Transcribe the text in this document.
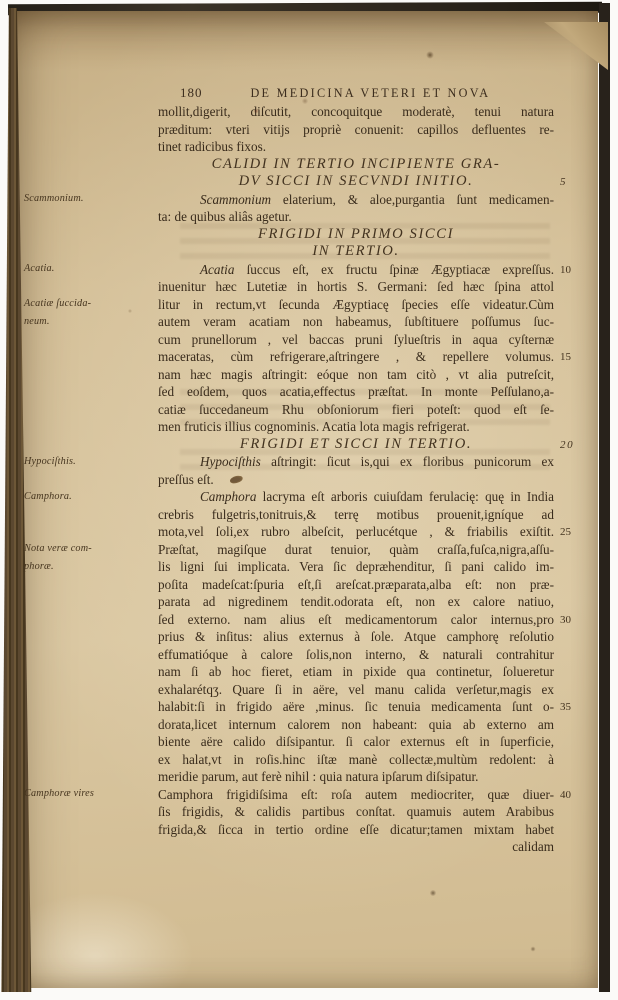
180	DE MEDICINA VETERI ET NOVA
mollit,digerit, diſcutit, concoquitque moderatè, tenui natura
præditum: vteri vitijs propriè conuenit: capillos defluentes re-
tinet radicibus fixos.
CALIDI IN TERTIO INCIPIENTE GRA-
DV SICCI IN SECVNDI INITIO.	5
Scammonium.	Scammonium elaterium, & aloe,purgantia ſunt medicamen-
ta: de quibus aliâs agetur.
FRIGIDI IN PRIMO SICCI
IN TERTIO.
Acatia.	Acatia ſuccus eſt, ex fructu ſpinæ Ægyptiacæ expreſſus. 10
inuenitur hæc Lutetiæ in hortis S. Germani: ſed hæc ſpina attol
Acatiæ ſuccida-	litur in rectum,vt ſecunda Ægyptiacę ſpecies eſſe videatur.Cùm
neum.	autem veram acatiam non habeamus, ſubſtituere poſſumus ſuc-
cum prunellorum , vel baccas pruni ſylueſtris in aqua cyſternæ
maceratas, cùm refrigerare,aſtringere , & repellere volumus. 15
nam hæc magis aſtringit: eóque non tam citò , vt alia putreſcit,
ſed eoſdem, quos acatia,effectus præſtat. In monte Peſſulano,a-
catiæ ſuccedaneum Rhu obſoniorum fieri poteſt: quod eſt ſe-
men fruticis illius cognominis. Acatia lota magis refrigerat.
FRIGIDI ET SICCI IN TERTIO.	20
Hypociſthis.	Hypociſthis aſtringit: ſicut is,qui ex floribus punicorum ex
preſſus eſt.
Camphora.	Camphora lacryma eſt arboris cuiuſdam ferulacię: quę in India
crebris fulgetris,tonitruis,& terrę motibus prouenit,igníque ad
mota,vel ſoli,ex rubro albeſcit, perlucétque , & friabilis exiſtit. 25
Nota veræ com-	Præſtat, magiſque durat tenuior, quàm craſſa,fuſca,nigra,aſſu-
phoræ.	lis ligni ſui implicata. Vera ſic depræhenditur, ſi pani calido im-
poſita madeſcat:ſpuria eſt,ſi areſcat.præparata,alba eſt: non præ-
parata ad nigredinem tendit.odorata eſt, non ex calore natiuo,
ſed externo. nam alius eſt medicamentorum calor internus,pro 30
prius & inſitus: alius externus à ſole. Atque camphorę reſolutio
effumatióque à calore ſolis,non interno, & naturali contrahitur
nam ſi ab hoc fieret, etiam in pixide qua continetur, ſolueretur
exhalarétqʒ. Quare ſi in aëre, vel manu calida verſetur,magis ex
halabit:ſi in frigido aëre ,minus. ſic tenuia medicamenta ſunt o- 35
dorata,licet internum calorem non habeant: quia ab externo am
biente aëre calido diſsipantur. ſi calor externus eſt in ſuperficie,
ex halat,vt in roſis.hinc iſtæ manè collectæ,multùm redolent: à
meridie parum, aut ferè nihil : quia natura ipſarum diſsipatur.
Camphoræ vires	Camphora frigidiſsima eſt: roſa autem mediocriter, quæ diuer- 40
ſis frigidis, & calidis partibus conſtat. quamuis autem Arabibus
frigida,& ſicca in tertio ordine eſſe dicatur;tamen mixtam habet
calidam
